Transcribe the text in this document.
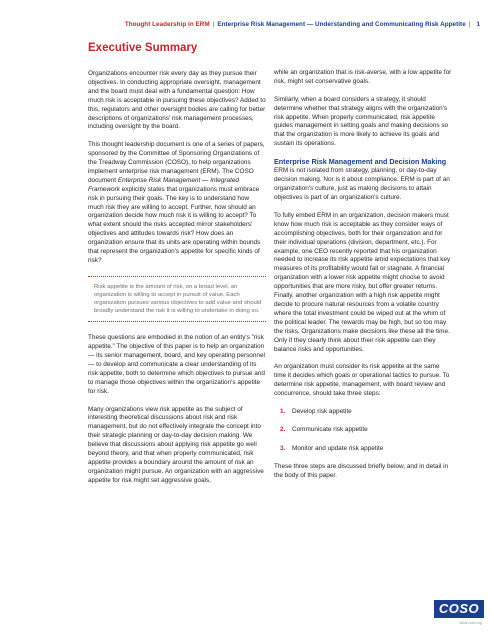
Thought Leadership in ERM | Enterprise Risk Management — Understanding and Communicating Risk Appetite | 1
Executive Summary

Organizations encounter risk every day as they pursue their objectives. In conducting appropriate oversight, management and the board must deal with a fundamental question: How much risk is acceptable in pursuing these objectives? Added to this, regulators and other oversight bodies are calling for better descriptions of organizations' risk management processes, including oversight by the board.

This thought leadership document is one of a series of papers, sponsored by the Committee of Sponsoring Organizations of the Treadway Commission (COSO), to help organizations implement enterprise risk management (ERM). The COSO document Enterprise Risk Management — Integrated Framework explicitly states that organizations must embrace risk in pursuing their goals. The key is to understand how much risk they are willing to accept. Further, how should an organization decide how much risk it is willing to accept? To what extent should the risks accepted mirror stakeholders' objectives and attitudes towards risk? How does an organization ensure that its units are operating within bounds that represent the organization's appetite for specific kinds of risk?

Risk appetite is the amount of risk, on a broad level, an organization is willing to accept in pursuit of value. Each organization pursues various objectives to add value and should broadly understand the risk it is willing to undertake in doing so.

These questions are embodied in the notion of an entity's "risk appetite." The objective of this paper is to help an organization — its senior management, board, and key operating personnel — to develop and communicate a clear understanding of its risk appetite, both to determine which objectives to pursue and to manage those objectives within the organization's appetite for risk.

Many organizations view risk appetite as the subject of interesting theoretical discussions about risk and risk management, but do not effectively integrate the concept into their strategic planning or day-to-day decision making. We believe that discussions about applying risk appetite go well beyond theory, and that when properly communicated, risk appetite provides a boundary around the amount of risk an organization might pursue. An organization with an aggressive appetite for risk might set aggressive goals,

while an organization that is risk-averse, with a low appetite for risk, might set conservative goals.

Similarly, when a board considers a strategy, it should determine whether that strategy aligns with the organization's risk appetite. When properly communicated, risk appetite guides management in setting goals and making decisions so that the organization is more likely to achieve its goals and sustain its operations.

Enterprise Risk Management and Decision Making

ERM is not isolated from strategy, planning, or day-to-day decision making. Nor is it about compliance. ERM is part of an organization's culture, just as making decisions to attain objectives is part of an organization's culture.

To fully embed ERM in an organization, decision makers must know how much risk is acceptable as they consider ways of accomplishing objectives, both for their organization and for their individual operations (division, department, etc.). For example, one CEO recently reported that his organization needed to increase its risk appetite amid expectations that key measures of its profitability would fall or stagnate. A financial organization with a lower risk appetite might choose to avoid opportunities that are more risky, but offer greater returns. Finally, another organization with a high risk appetite might decide to procure natural resources from a volatile country where the total investment could be wiped out at the whim of the political leader. The rewards may be high, but so too may the risks. Organizations make decisions like these all the time. Only if they clearly think about their risk appetite can they balance risks and opportunities.

An organization must consider its risk appetite at the same time it decides which goals or operational tactics to pursue. To determine risk appetite, management, with board review and concurrence, should take three steps:

1.	Develop risk appetite
2.	Communicate risk appetite
3.	Monitor and update risk appetite

These three steps are discussed briefly below, and in detail in the body of this paper.

COSO
www.coso.org
